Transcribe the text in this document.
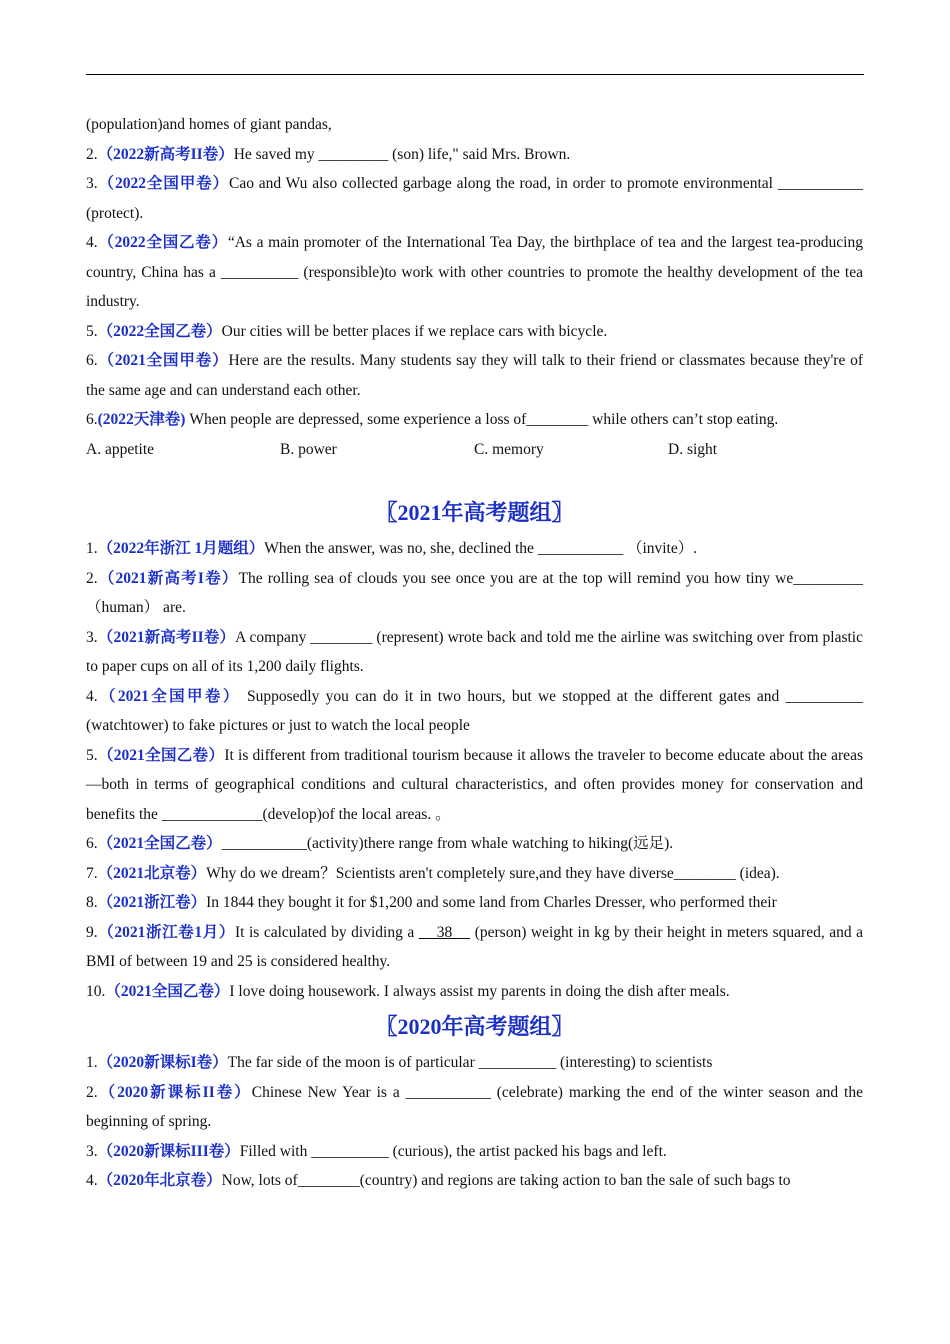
(population)and homes of giant pandas,

2.（2022新高考II卷）He saved my _________ (son) life," said Mrs. Brown.

3.（2022全国甲卷）Cao and Wu also collected garbage along the road, in order to promote environmental ___________ (protect).

4.（2022全国乙卷）“As a main promoter of the International Tea Day, the birthplace of tea and the largest tea-producing country, China has a __________ (responsible)to work with other countries to promote the healthy development of the tea industry.

5.（2022全国乙卷）Our cities will be better places if we replace cars with bicycle.

6.（2021全国甲卷）Here are the results. Many students say they will talk to their friend or classmates because they're of the same age and can understand each other.

6.(2022天津卷) When people are depressed, some experience a loss of________ while others can’t stop eating.

A. appetite	B. power	C. memory	D. sight

〖2021年高考题组〗

1.（2022年浙江 1月题组）When the answer, was no, she, declined the ___________ （invite）.

2.（2021新高考I卷）The rolling sea of clouds you see once you are at the top will remind you how tiny we_________（human） are.

3.（2021新高考II卷）A company ________ (represent) wrote back and told me the airline was switching over from plastic to paper cups on all of its 1,200 daily flights.

4.（2021全国甲卷） Supposedly you can do it in two hours, but we stopped at the different gates and __________ (watchtower) to fake pictures or just to watch the local people

5.（2021全国乙卷）It is different from traditional tourism because it allows the traveler to become educate about the areas—both in terms of geographical conditions and cultural characteristics, and often provides money for conservation and benefits the _____________(develop)of the local areas. 。

6.（2021全国乙卷）___________(activity)there range from whale watching to hiking(远足).

7.（2021北京卷）Why do we dream？Scientists aren't completely sure,and they have diverse________ (idea).

8.（2021浙江卷）In 1844 they bought it for $1,200 and some land from Charles Dresser, who performed their

9.（2021浙江卷1月）It is calculated by dividing a     38     (person) weight in kg by their height in meters squared, and a BMI of between 19 and 25 is considered healthy.

10.（2021全国乙卷）I love doing housework. I always assist my parents in doing the dish after meals.

〖2020年高考题组〗

1.（2020新课标I卷）The far side of the moon is of particular __________ (interesting) to scientists

2.（2020新课标II卷）Chinese New Year is a ___________ (celebrate) marking the end of the winter season and the beginning of spring.

3.（2020新课标III卷）Filled with __________ (curious), the artist packed his bags and left.

4.（2020年北京卷）Now, lots of________(country) and regions are taking action to ban the sale of such bags to
